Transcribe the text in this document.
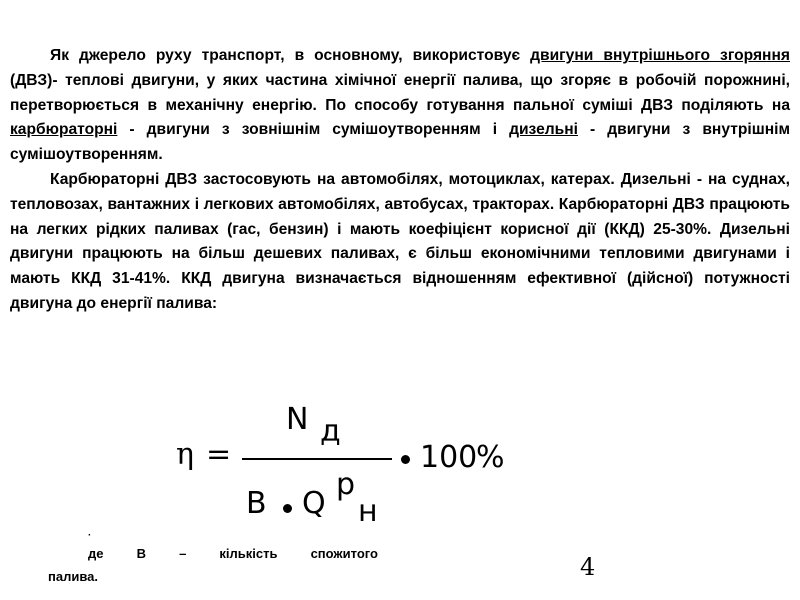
Як джерело руху транспорт, в основному, використовує двигуни внутрішнього згоряння (ДВЗ)- теплові двигуни, у яких частина хімічної енергії палива, що згоряє в робочій порожнині, перетворюється в механічну енергію. По способу готування пальної суміші ДВЗ поділяють на карбюраторні - двигуни з зовнішнім сумішоутворенням і дизельні - двигуни з внутрішнім сумішоутворенням.

Карбюраторні ДВЗ застосовують на автомобілях, мотоциклах, катерах. Дизельні - на суднах, тепловозах, вантажних і легкових автомобілях, автобусах, тракторах. Карбюраторні ДВЗ працюють на легких рідких паливах (гас, бензин) і мають коефіцієнт корисної дії (ККД) 25-30%. Дизельні двигуни працюють на більш дешевих паливах, є більш економічними тепловими двигунами і мають ККД 31-41%. ККД двигуна визначається відношенням ефективної (дійсної) потужності двигуна до енергії палива:

η =
N д
B Q
p
н
100
%
·
де	В	–	кількість	спожитого
палива.	4
